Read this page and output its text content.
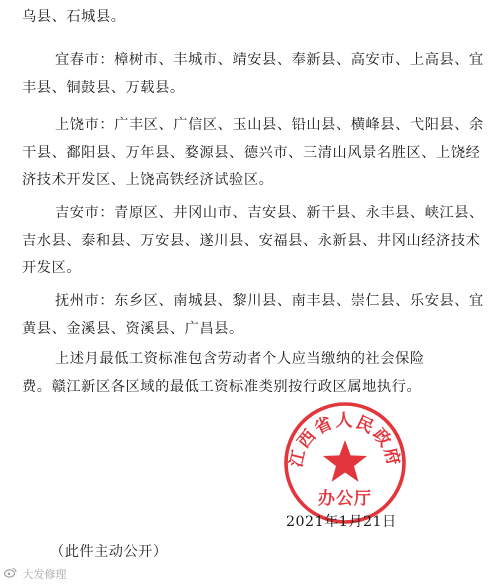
乌县、石城县。

宜春市：樟树市、丰城市、靖安县、奉新县、高安市、上高县、宜
丰县、铜鼓县、万载县。

上饶市：广丰区、广信区、玉山县、铅山县、横峰县、弋阳县、余
干县、鄱阳县、万年县、婺源县、德兴市、三清山风景名胜区、上饶经
济技术开发区、上饶高铁经济试验区。

吉安市：青原区、井冈山市、吉安县、新干县、永丰县、峡江县、
吉水县、泰和县、万安县、遂川县、安福县、永新县、井冈山经济技术
开发区。

抚州市：东乡区、南城县、黎川县、南丰县、崇仁县、乐安县、宜
黄县、金溪县、资溪县、广昌县。

上述月最低工资标准包含劳动者个人应当缴纳的社会保险
费。赣江新区各区域的最低工资标准类别按行政区属地执行。

江西省人民政府
办公厅
2021年1月21日
（此件主动公开）
大发修理
